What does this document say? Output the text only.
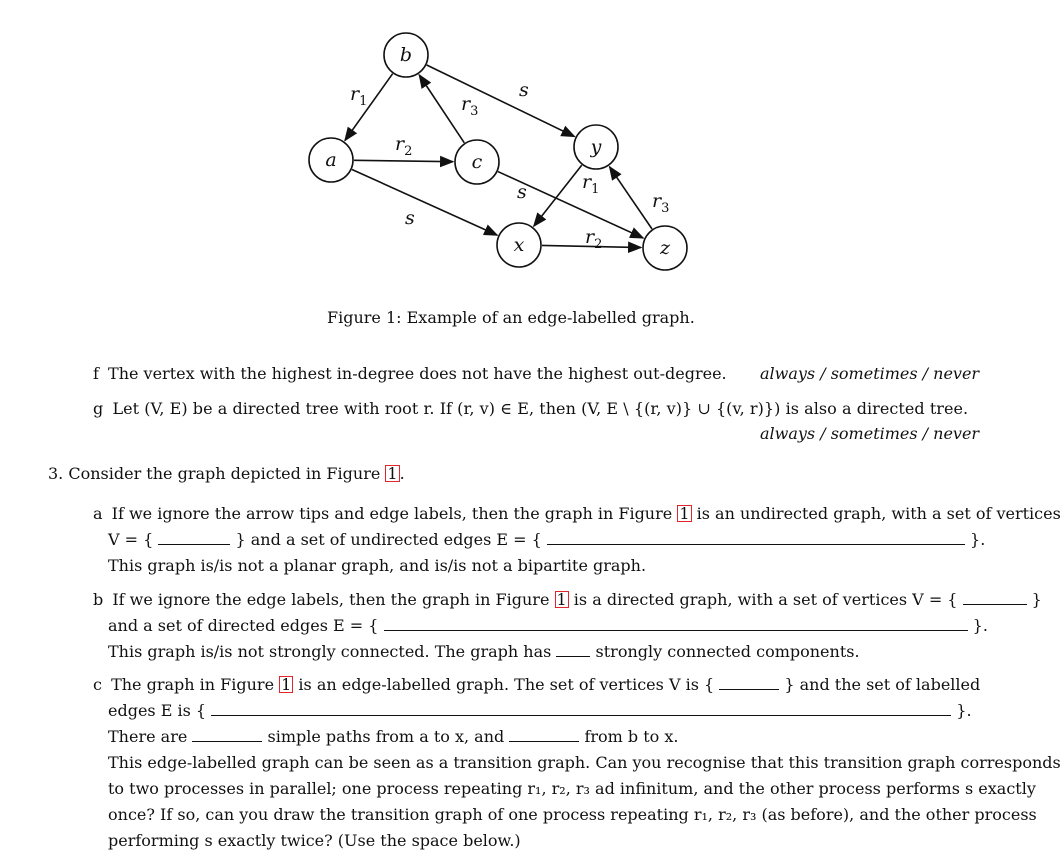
a
b
c
x
y
z
$r_1$
s
$r_3$
$r_2$
s
s	$r_1$
$r_3$
$r_2$
Figure 1: Example of an edge-labelled graph.
f The vertex with the highest in-degree does not have the highest out-degree. always / sometimes / never
g Let (V, E) be a directed tree with root r. If (r, v) ∈ E, then (V, E \ {(r, v)} ∪ {(v, r)}) is also a directed tree.
always / sometimes / never
3. Consider the graph depicted in Figure 1 .
a If we ignore the arrow tips and edge labels, then the graph in Figure 1 is an undirected graph, with a set of vertices
V = {	} and a set of undirected edges E = {	}.
This graph is/is not a planar graph, and is/is not a bipartite graph.
b If we ignore the edge labels, then the graph in Figure 1 is a directed graph, with a set of vertices V = {	}
and a set of directed edges E = {	}.
This graph is/is not strongly connected. The graph has	strongly connected components.
c The graph in Figure 1 is an edge-labelled graph. The set of vertices V is {	} and the set of labelled
edges E is {	}.
There are	simple paths from a to x, and	from b to x.
This edge-labelled graph can be seen as a transition graph. Can you recognise that this transition graph corresponds
to two processes in parallel; one process repeating r₁, r₂, r₃ ad infinitum, and the other process performs s exactly
once? If so, can you draw the transition graph of one process repeating r₁, r₂, r₃ (as before), and the other process
performing s exactly twice? (Use the space below.)
